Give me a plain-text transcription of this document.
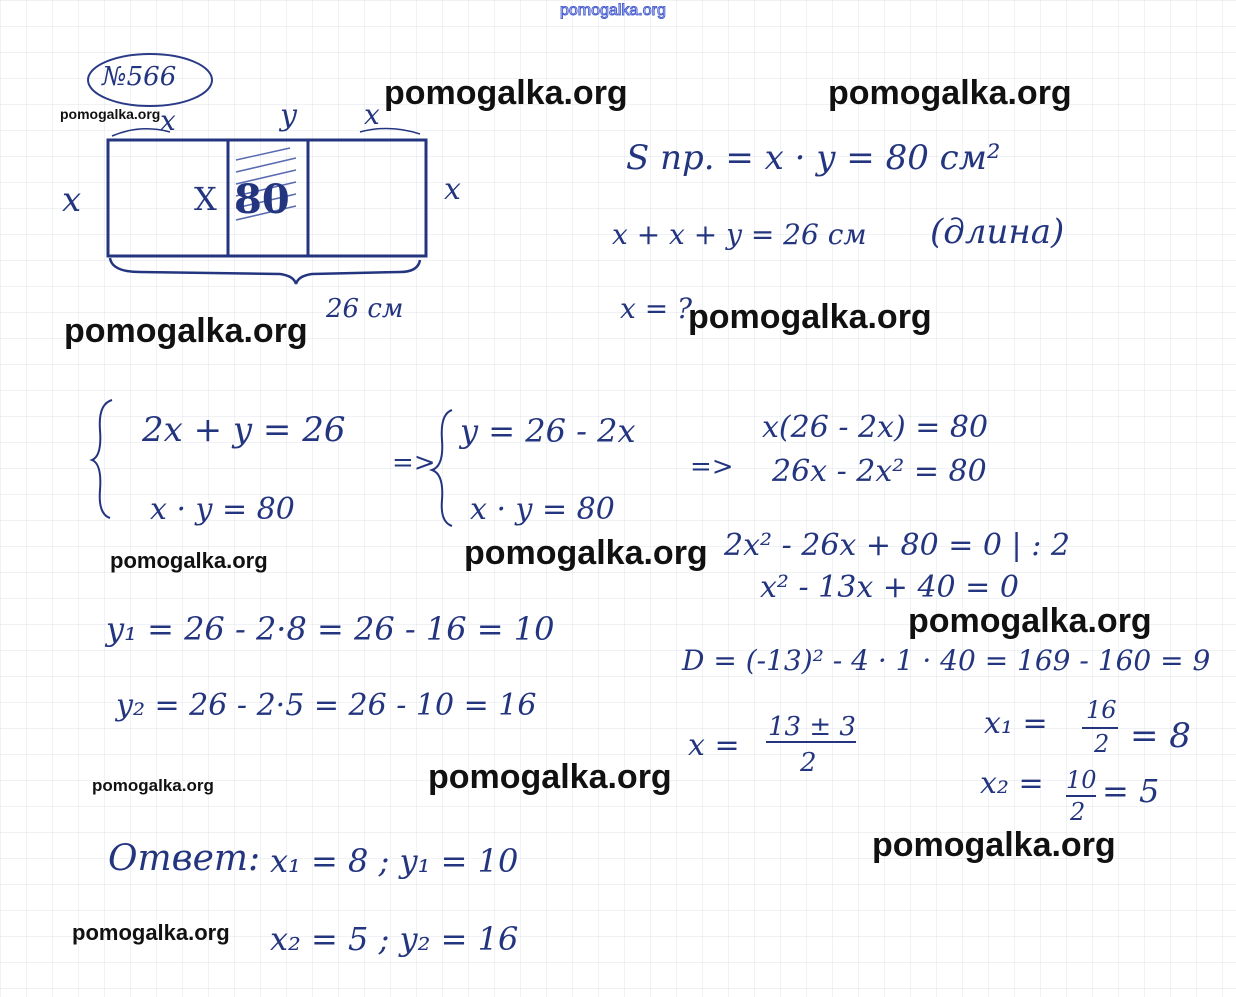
pomogalka.org
№566
x	y x
x	X 80	x
26 см
S пр. = x · y = 80 см²
x + x + y = 26 см (длина)
x = ?
2x + y = 26
x · y = 80
=>
y = 26 - 2x
x · y = 80
=>
x(26 - 2x) = 80
26x - 2x² = 80
2x² - 26x + 80 = 0 | : 2
x² - 13x + 40 = 0
D = (-13)² - 4 · 1 · 40 = 169 - 160 = 9
x =
13 ± 3
2
x₁ = 16
2 = 8
x₂ = 10
2
= 5
y₁ = 26 - 2·8 = 26 - 16 = 10
y₂ = 26 - 2·5 = 26 - 10 = 16
Ответ: x₁ = 8 ; y₁ = 10
x₂ = 5 ; y₂ = 16
pomogalka.org
pomogalka.org	pomogalka.org
pomogalka.org	pomogalka.org
pomogalka.org	pomogalka.org
pomogalka.org
pomogalka.org	pomogalka.org
pomogalka.org
pomogalka.org
